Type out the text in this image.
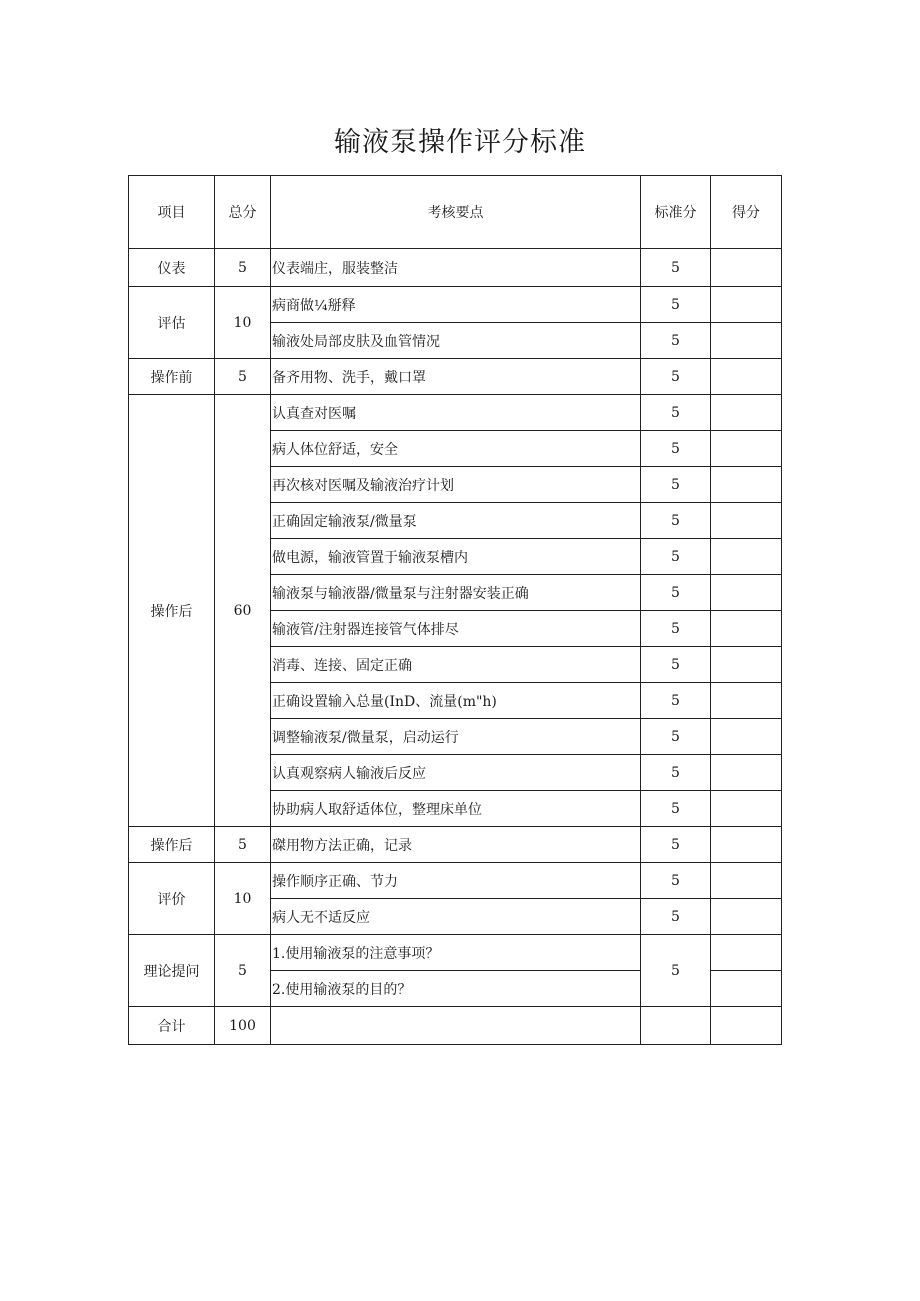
输液泵操作评分标准
项目	总分	考核要点	标准分	得分
仪表	5	仪表端庄，服装整洁	5	
评估	10	病商做¼掰释	5	
		输液处局部皮肤及血管情况	5	
操作前	5	备齐用物、洗手，戴口罩	5	
操作后	60	认真查对医嘱	5	
		病人体位舒适，安全	5	
		再次核对医嘱及输液治疗计划	5	
		正确固定输液泵/微量泵	5	
		做电源，输液管置于输液泵槽内	5	
		输液泵与输液器/微量泵与注射器安装正确	5	
		输液管/注射器连接管气体排尽	5	
		消毒、连接、固定正确	5	
		正确设置输入总量(InD、流量(m"h)	5	
		调整输液泵/微量泵，启动运行	5	
		认真观察病人输液后反应	5	
		协助病人取舒适体位，整理床单位	5	
操作后	5	磔用物方法正确，记录	5	
评价	10	操作顺序正确、节力	5	
		病人无不适反应	5	
理论提问	5	1.使用输液泵的注意事项？	5	
		2.使用输液泵的目的？		
合计	100			
